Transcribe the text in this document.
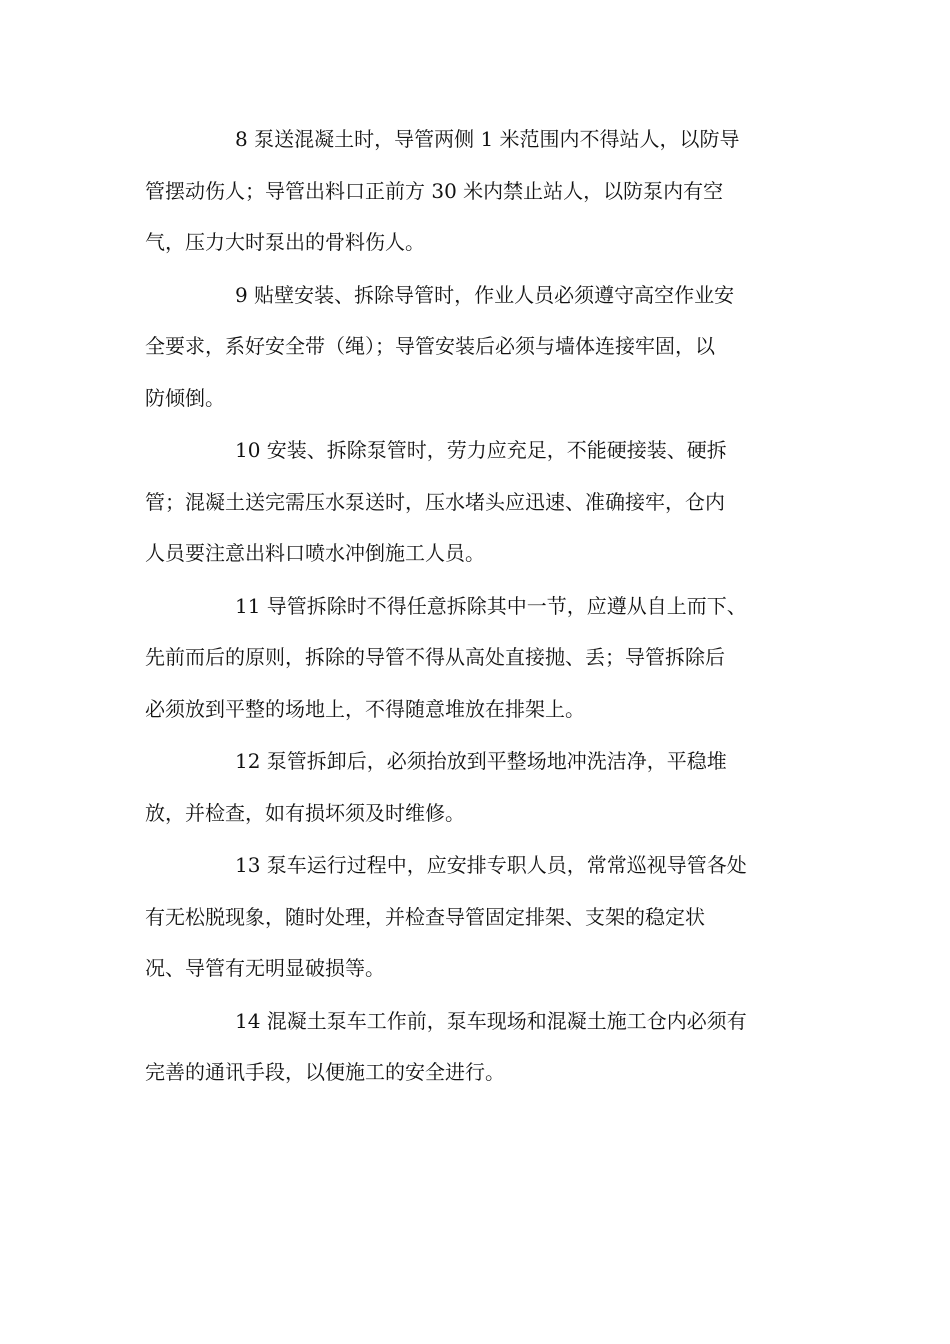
8 泵送混凝土时，导管两侧 1 米范围内不得站人，以防导
管摆动伤人；导管出料口正前方 30 米内禁止站人，以防泵内有空
气，压力大时泵出的骨料伤人。
9 贴壁安装、拆除导管时，作业人员必须遵守高空作业安
全要求，系好安全带（绳）；导管安装后必须与墙体连接牢固，以
防倾倒。
10 安装、拆除泵管时，劳力应充足，不能硬接装、硬拆
管；混凝土送完需压水泵送时，压水堵头应迅速、准确接牢，仓内
人员要注意出料口喷水冲倒施工人员。
11 导管拆除时不得任意拆除其中一节，应遵从自上而下、
先前而后的原则，拆除的导管不得从高处直接抛、丢；导管拆除后
必须放到平整的场地上，不得随意堆放在排架上。
12 泵管拆卸后，必须抬放到平整场地冲洗洁净，平稳堆
放，并检查，如有损坏须及时维修。
13 泵车运行过程中，应安排专职人员，常常巡视导管各处
有无松脱现象，随时处理，并检查导管固定排架、支架的稳定状
况、导管有无明显破损等。
14 混凝土泵车工作前，泵车现场和混凝土施工仓内必须有
完善的通讯手段，以便施工的安全进行。
